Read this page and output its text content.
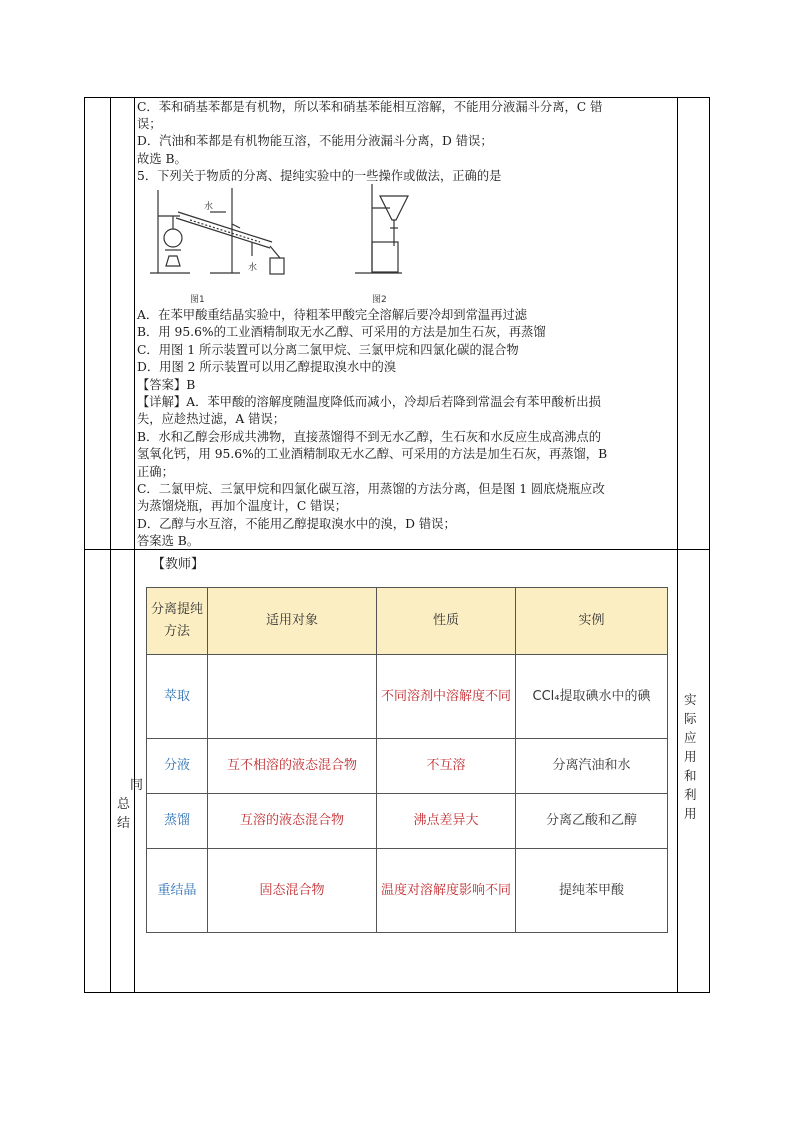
C．苯和硝基苯都是有机物，所以苯和硝基苯能相互溶解，不能用分液漏斗分离，C 错

误；

D．汽油和苯都是有机物能互溶，不能用分液漏斗分离，D 错误；

故选 B。

5．下列关于物质的分离、提纯实验中的一些操作或做法，正确的是

水
水
图1	图2

A．在苯甲酸重结晶实验中，待粗苯甲酸完全溶解后要冷却到常温再过滤

B．用 95.6%的工业酒精制取无水乙醇、可采用的方法是加生石灰，再蒸馏

C．用图 1 所示装置可以分离二氯甲烷、三氯甲烷和四氯化碳的混合物

D．用图 2 所示装置可以用乙醇提取溴水中的溴

【答案】B

【详解】A．苯甲酸的溶解度随温度降低而减小，冷却后若降到常温会有苯甲酸析出损

失，应趁热过滤，A 错误；

B．水和乙醇会形成共沸物，直接蒸馏得不到无水乙醇，生石灰和水反应生成高沸点的

氢氧化钙，用 95.6%的工业酒精制取无水乙醇、可采用的方法是加生石灰，再蒸馏，B

正确；

C．二氯甲烷、三氯甲烷和四氯化碳互溶，用蒸馏的方法分离，但是图 1 圆底烧瓶应改

为蒸馏烧瓶，再加个温度计，C 错误；

D．乙醇与水互溶，不能用乙醇提取溴水中的溴，D 错误；

答案选 B。

【教师】
同
总
结
实际应用和利用
分离提纯方法	适用对象	性质	实例
萃取		不同溶剂中溶解度不同	CCl₄提取碘水中的碘
分液	互不相溶的液态混合物	不互溶	分离汽油和水
蒸馏	互溶的液态混合物	沸点差异大	分离乙酸和乙醇
重结晶	固态混合物	温度对溶解度影响不同	提纯苯甲酸
